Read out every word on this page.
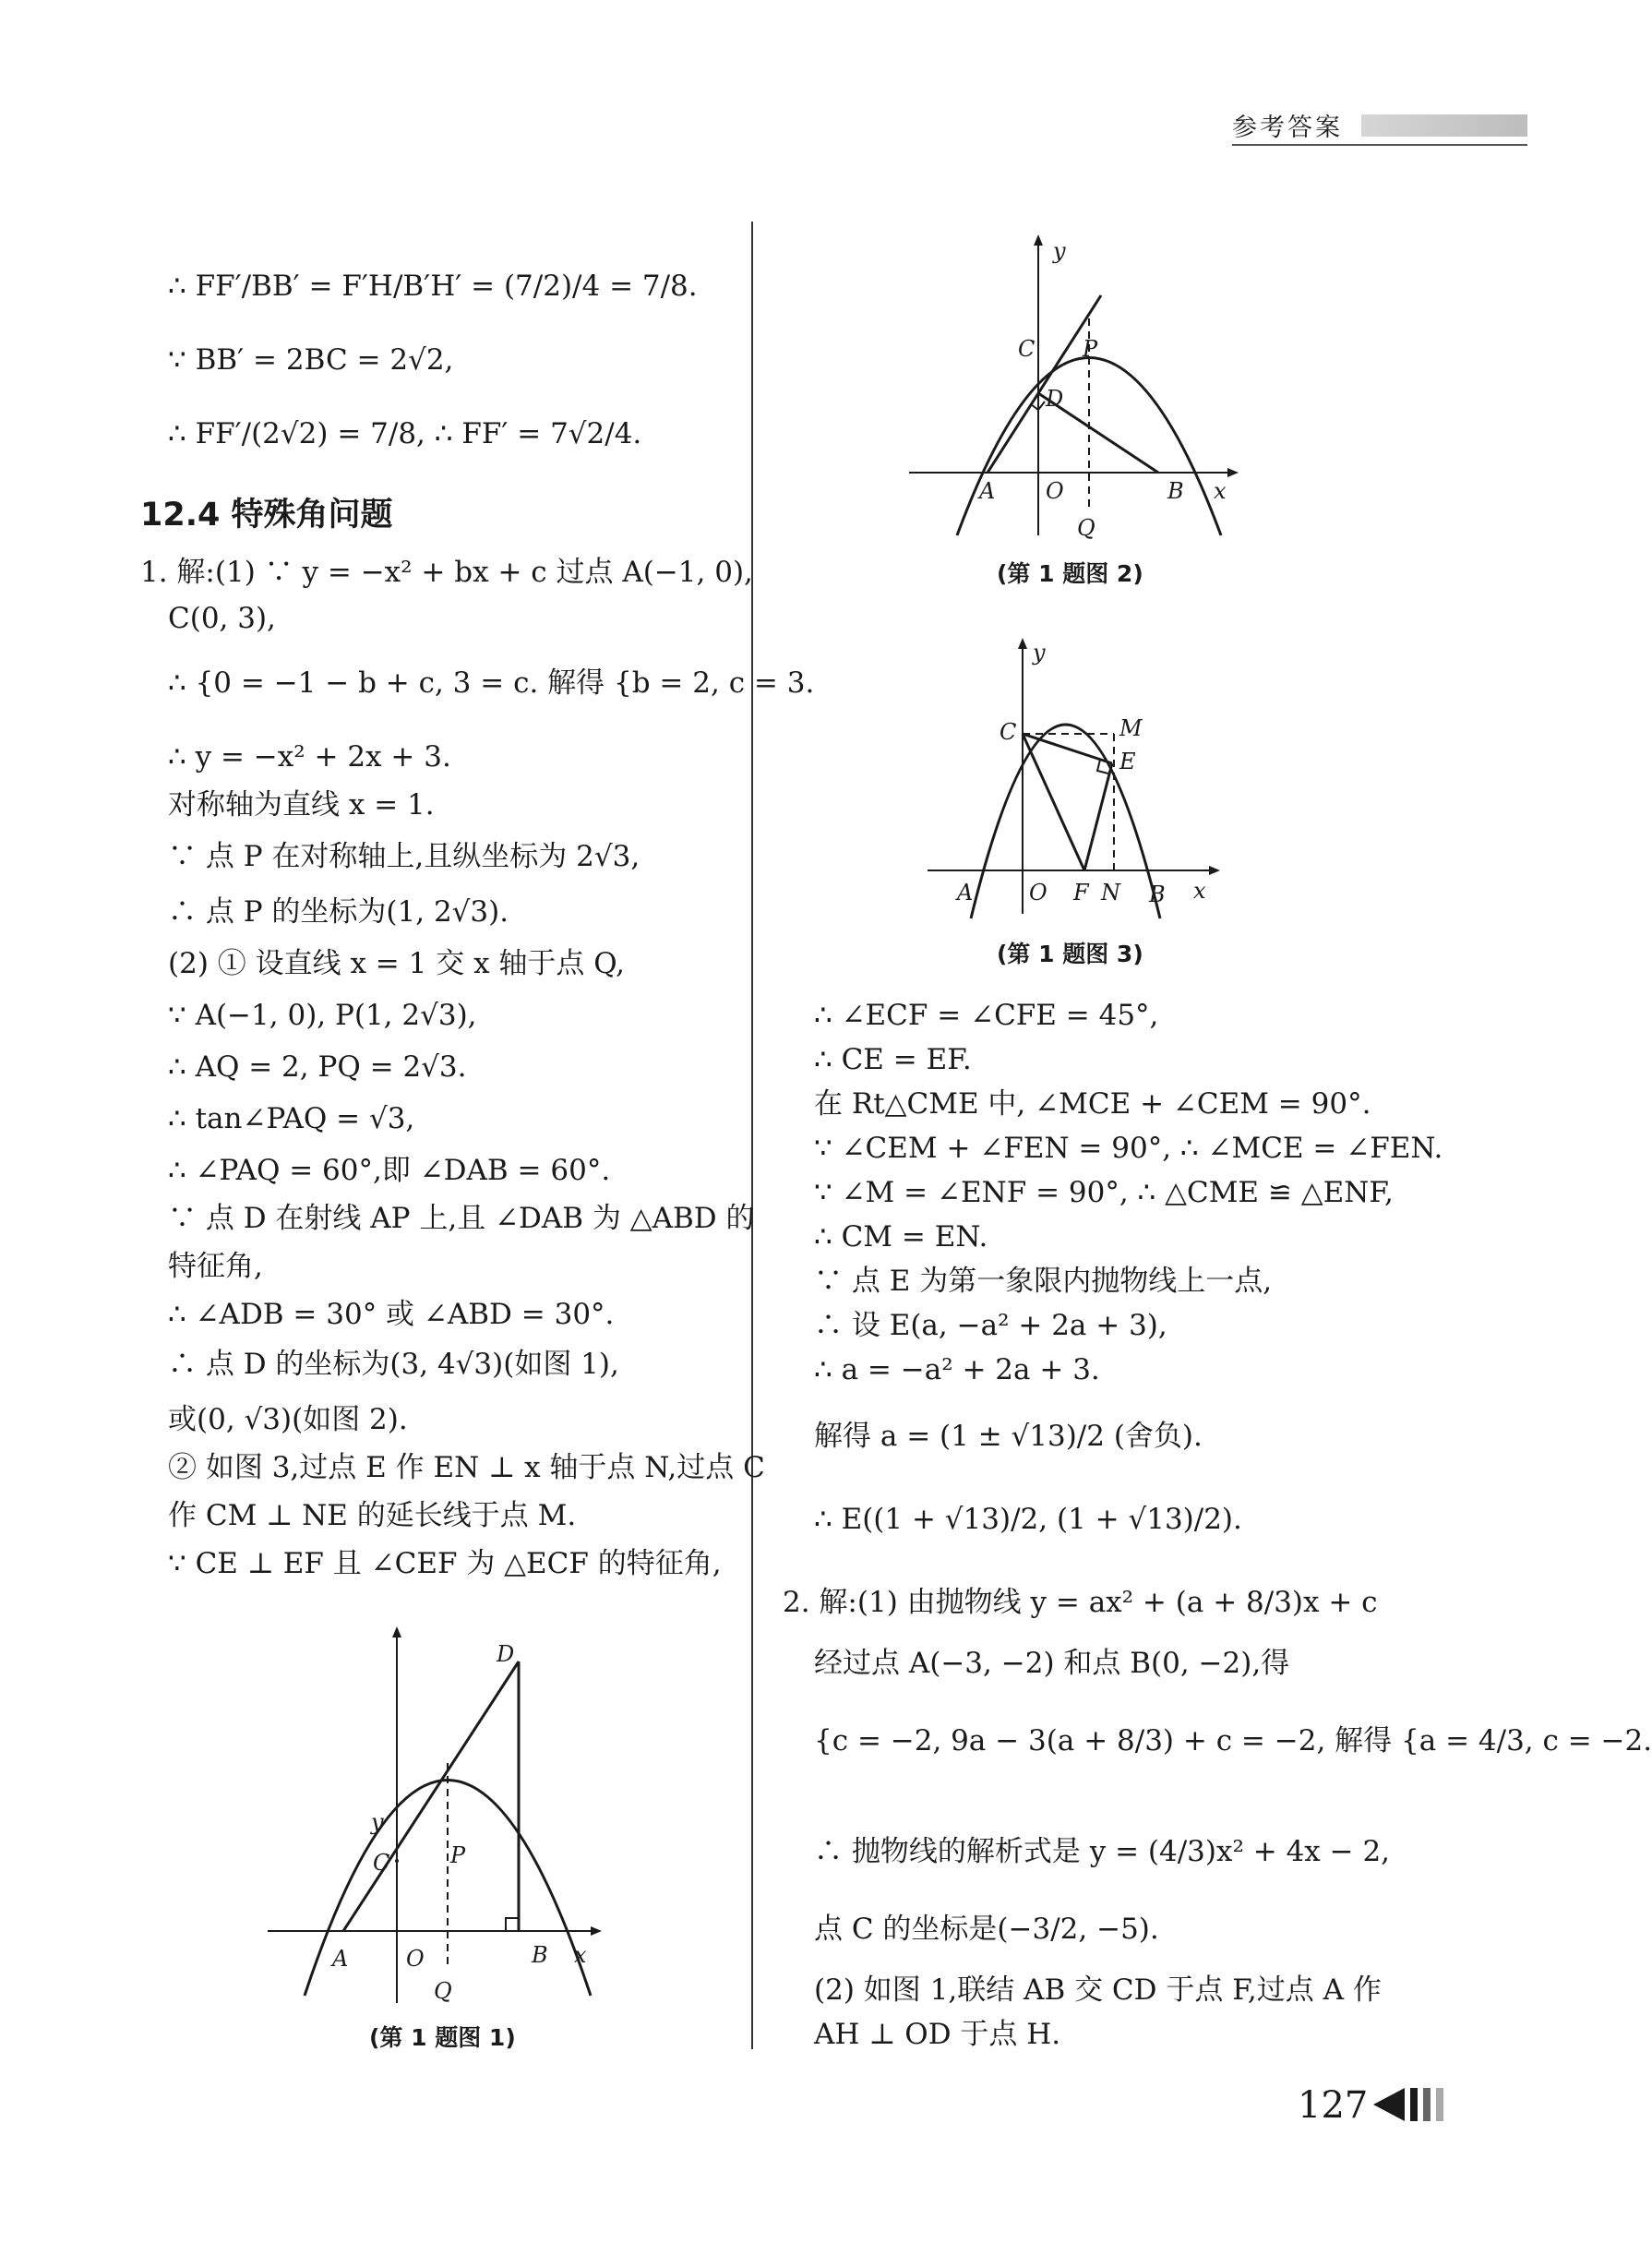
参考答案
∴ FF′/BB′ = F′H/B′H′ = (7/2)/4 = 7/8.
∵ BB′ = 2BC = 2√2,
∴ FF′/(2√2) = 7/8, ∴ FF′ = 7√2/4.
12.4 特殊角问题
1. 解:(1) ∵ y = −x² + bx + c 过点 A(−1, 0),
C(0, 3),
∴ {0 = −1 − b + c, 3 = c. 解得 {b = 2, c = 3.
∴ y = −x² + 2x + 3.
对称轴为直线 x = 1.
∵ 点 P 在对称轴上,且纵坐标为 2√3,
∴ 点 P 的坐标为(1, 2√3).
(2) ① 设直线 x = 1 交 x 轴于点 Q,
∵ A(−1, 0), P(1, 2√3),
∴ AQ = 2, PQ = 2√3.
∴ tan∠PAQ = √3,
∴ ∠PAQ = 60°,即 ∠DAB = 60°.
∵ 点 D 在射线 AP 上,且 ∠DAB 为 △ABD 的
特征角,
∴ ∠ADB = 30° 或 ∠ABD = 30°.
∴ 点 D 的坐标为(3, 4√3)(如图 1),
或(0, √3)(如图 2).
② 如图 3,过点 E 作 EN ⊥ x 轴于点 N,过点 C
作 CM ⊥ NE 的延长线于点 M.
∵ CE ⊥ EF 且 ∠CEF 为 △ECF 的特征角,
y
D
C	P
A	O	B x
Q
(第 1 题图 1)
y
C P
D
A O	B x
Q
(第 1 题图 2)
y
C	M
E
A	O F N B x
(第 1 题图 3)
∴ ∠ECF = ∠CFE = 45°,
∴ CE = EF.
在 Rt△CME 中, ∠MCE + ∠CEM = 90°.
∵ ∠CEM + ∠FEN = 90°, ∴ ∠MCE = ∠FEN.
∵ ∠M = ∠ENF = 90°, ∴ △CME ≌ △ENF,
∴ CM = EN.
∵ 点 E 为第一象限内抛物线上一点,
∴ 设 E(a, −a² + 2a + 3),
∴ a = −a² + 2a + 3.
解得 a = (1 ± √13)/2 (舍负).
∴ E((1 + √13)/2, (1 + √13)/2).
2. 解:(1) 由抛物线 y = ax² + (a + 8/3)x + c
经过点 A(−3, −2) 和点 B(0, −2),得
{c = −2, 9a − 3(a + 8/3) + c = −2, 解得 {a = 4/3, c = −2.
∴ 抛物线的解析式是 y = (4/3)x² + 4x − 2,
点 C 的坐标是(−3/2, −5).
(2) 如图 1,联结 AB 交 CD 于点 F,过点 A 作
AH ⊥ OD 于点 H.
127
